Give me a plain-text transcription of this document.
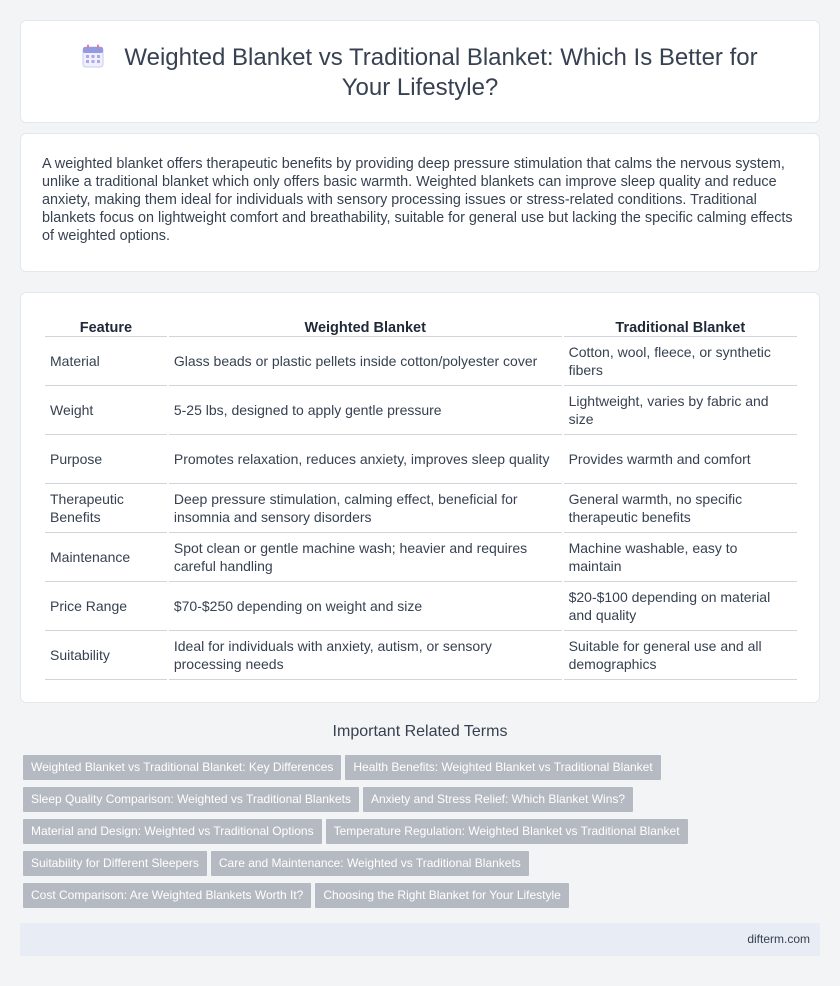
Weighted Blanket vs Traditional Blanket: Which Is Better for Your Lifestyle?

A weighted blanket offers therapeutic benefits by providing deep pressure stimulation that calms the nervous system, unlike a traditional blanket which only offers basic warmth. Weighted blankets can improve sleep quality and reduce anxiety, making them ideal for individuals with sensory processing issues or stress-related conditions. Traditional blankets focus on lightweight comfort and breathability, suitable for general use but lacking the specific calming effects of weighted options.

Feature	Weighted Blanket	Traditional Blanket
Material	Glass beads or plastic pellets inside cotton/polyester cover	Cotton, wool, fleece, or synthetic fibers
Weight	5-25 lbs, designed to apply gentle pressure	Lightweight, varies by fabric and size
Purpose	Promotes relaxation, reduces anxiety, improves sleep quality	Provides warmth and comfort
Therapeutic Benefits	Deep pressure stimulation, calming effect, beneficial for insomnia and sensory disorders	General warmth, no specific therapeutic benefits
Maintenance	Spot clean or gentle machine wash; heavier and requires careful handling	Machine washable, easy to maintain
Price Range	$70-$250 depending on weight and size	$20-$100 depending on material and quality
Suitability	Ideal for individuals with anxiety, autism, or sensory processing needs	Suitable for general use and all demographics
Important Related Terms
Weighted Blanket vs Traditional Blanket: Key Differences Health Benefits: Weighted Blanket vs Traditional Blanket
Sleep Quality Comparison: Weighted vs Traditional Blankets Anxiety and Stress Relief: Which Blanket Wins?
Material and Design: Weighted vs Traditional Options Temperature Regulation: Weighted Blanket vs Traditional Blanket
Suitability for Different Sleepers Care and Maintenance: Weighted vs Traditional Blankets
Cost Comparison: Are Weighted Blankets Worth It? Choosing the Right Blanket for Your Lifestyle
difterm.com
